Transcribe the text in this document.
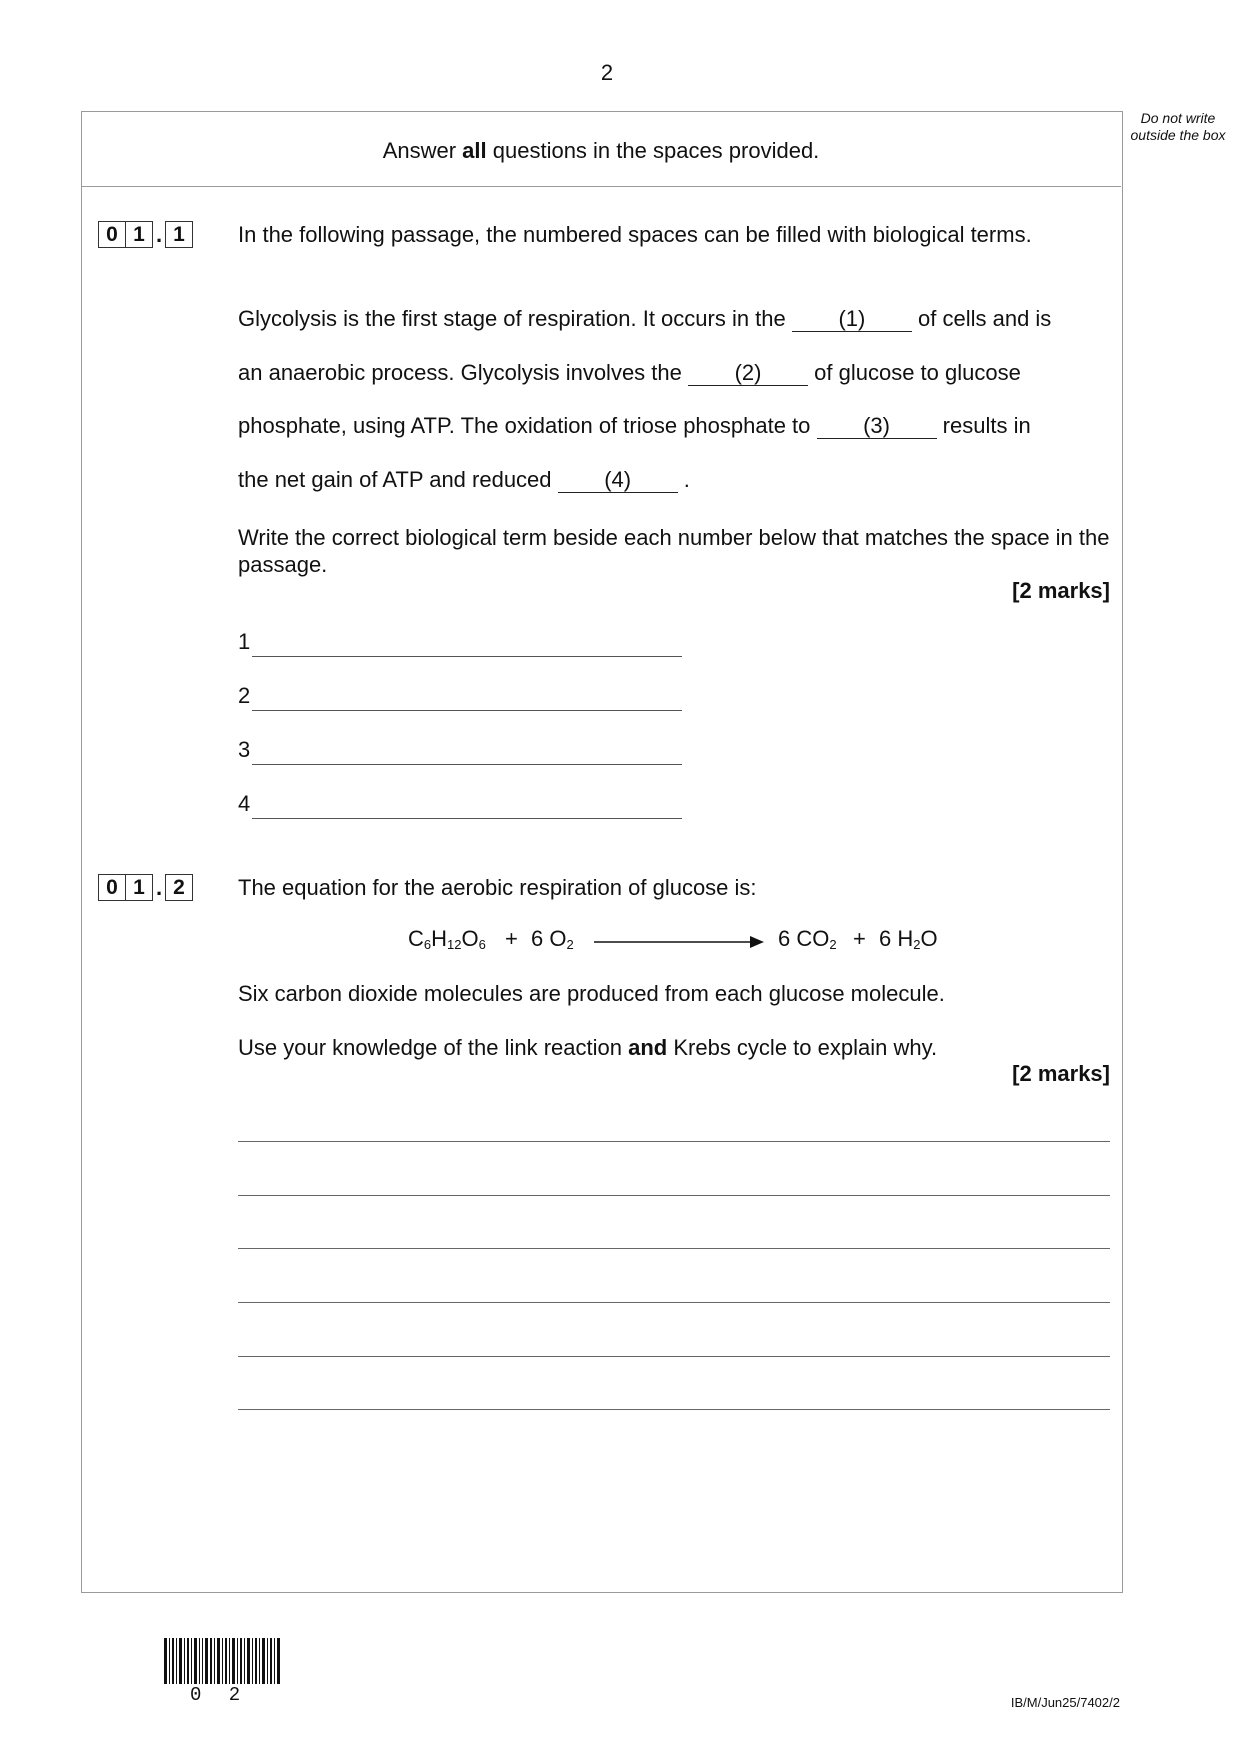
2
Do not write outside the box
Answer all questions in the spaces provided.
0 1 . 1	In the following passage, the numbered spaces can be filled with biological terms.
Glycolysis is the first stage of respiration. It occurs in the (1) of cells and is
an anaerobic process. Glycolysis involves the (2) of glucose to glucose
phosphate, using ATP. The oxidation of triose phosphate to (3) results in
the net gain of ATP and reduced (4) .
Write the correct biological term beside each number below that matches the space in the passage.
[2 marks]
1
2
3
4
0 1 . 2	The equation for the aerobic respiration of glucose is:
$C_6H_{12}O_6 + 6$ $O_2$	6 $CO_2 + 6$ $H_2O$
Six carbon dioxide molecules are produced from each glucose molecule.
Use your knowledge of the link reaction and Krebs cycle to explain why.
[2 marks]
0 2	IB/M/Jun25/7402/2
